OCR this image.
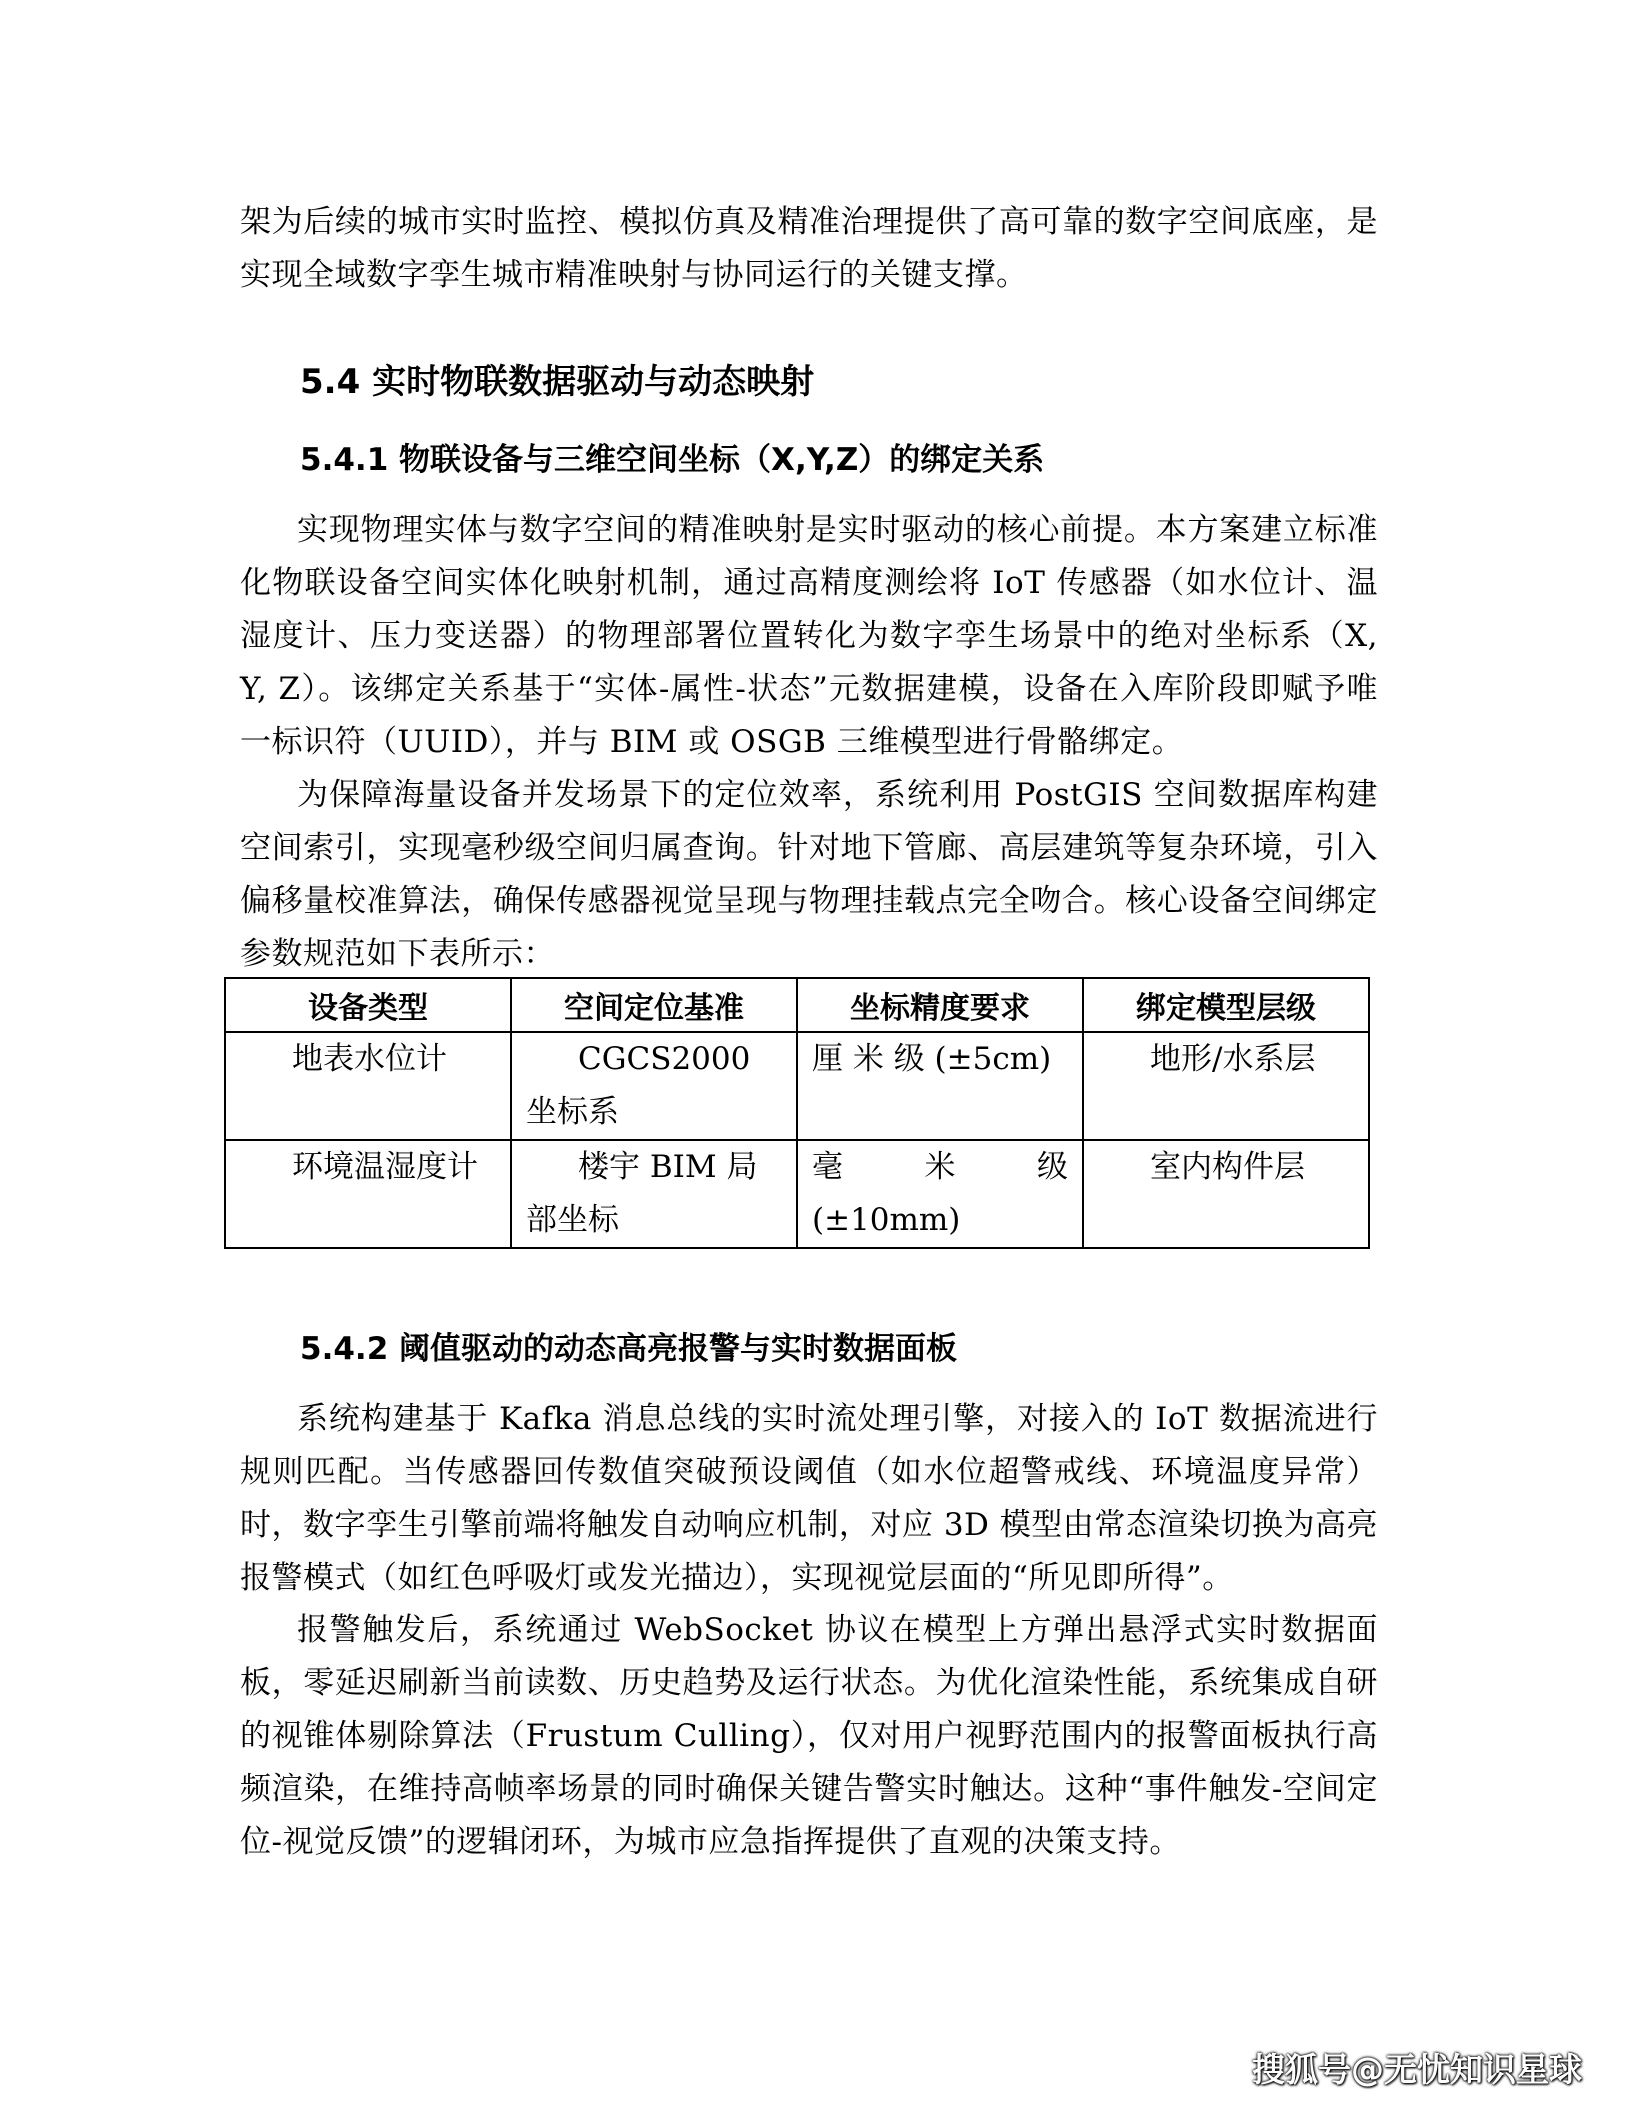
架为后续的城市实时监控、模拟仿真及精准治理提供了高可靠的数字空间底座，是实现全域数字孪生城市精准映射与协同运行的关键支撑。

5.4 实时物联数据驱动与动态映射
5.4.1 物联设备与三维空间坐标（X,Y,Z）的绑定关系

实现物理实体与数字空间的精准映射是实时驱动的核心前提。本方案建立标准化物联设备空间实体化映射机制，通过高精度测绘将 IoT 传感器（如水位计、温湿度计、压力变送器）的物理部署位置转化为数字孪生场景中的绝对坐标系（X, Y, Z）。该绑定关系基于“实体-属性-状态”元数据建模，设备在入库阶段即赋予唯一标识符（UUID），并与 BIM 或 OSGB 三维模型进行骨骼绑定。

为保障海量设备并发场景下的定位效率，系统利用 PostGIS 空间数据库构建空间索引，实现毫秒级空间归属查询。针对地下管廊、高层建筑等复杂环境，引入偏移量校准算法，确保传感器视觉呈现与物理挂载点完全吻合。核心设备空间绑定参数规范如下表所示：

设备类型	空间定位基准	坐标精度要求	绑定模型层级
地表水位计	CGCS2000 坐标系	厘 米 级 (±5cm)	地形/水系层
环境温湿度计	楼宇 BIM 局部坐标	毫 米 级 (±10mm)	室内构件层
5.4.2 阈值驱动的动态高亮报警与实时数据面板

系统构建基于 Kafka 消息总线的实时流处理引擎，对接入的 IoT 数据流进行规则匹配。当传感器回传数值突破预设阈值（如水位超警戒线、环境温度异常）时，数字孪生引擎前端将触发自动响应机制，对应 3D 模型由常态渲染切换为高亮报警模式（如红色呼吸灯或发光描边），实现视觉层面的“所见即所得”。

报警触发后，系统通过 WebSocket 协议在模型上方弹出悬浮式实时数据面板，零延迟刷新当前读数、历史趋势及运行状态。为优化渲染性能，系统集成自研的视锥体剔除算法（Frustum Culling），仅对用户视野范围内的报警面板执行高频渲染，在维持高帧率场景的同时确保关键告警实时触达。这种“事件触发-空间定位-视觉反馈”的逻辑闭环，为城市应急指挥提供了直观的决策支持。

搜狐号@无忧知识星球
